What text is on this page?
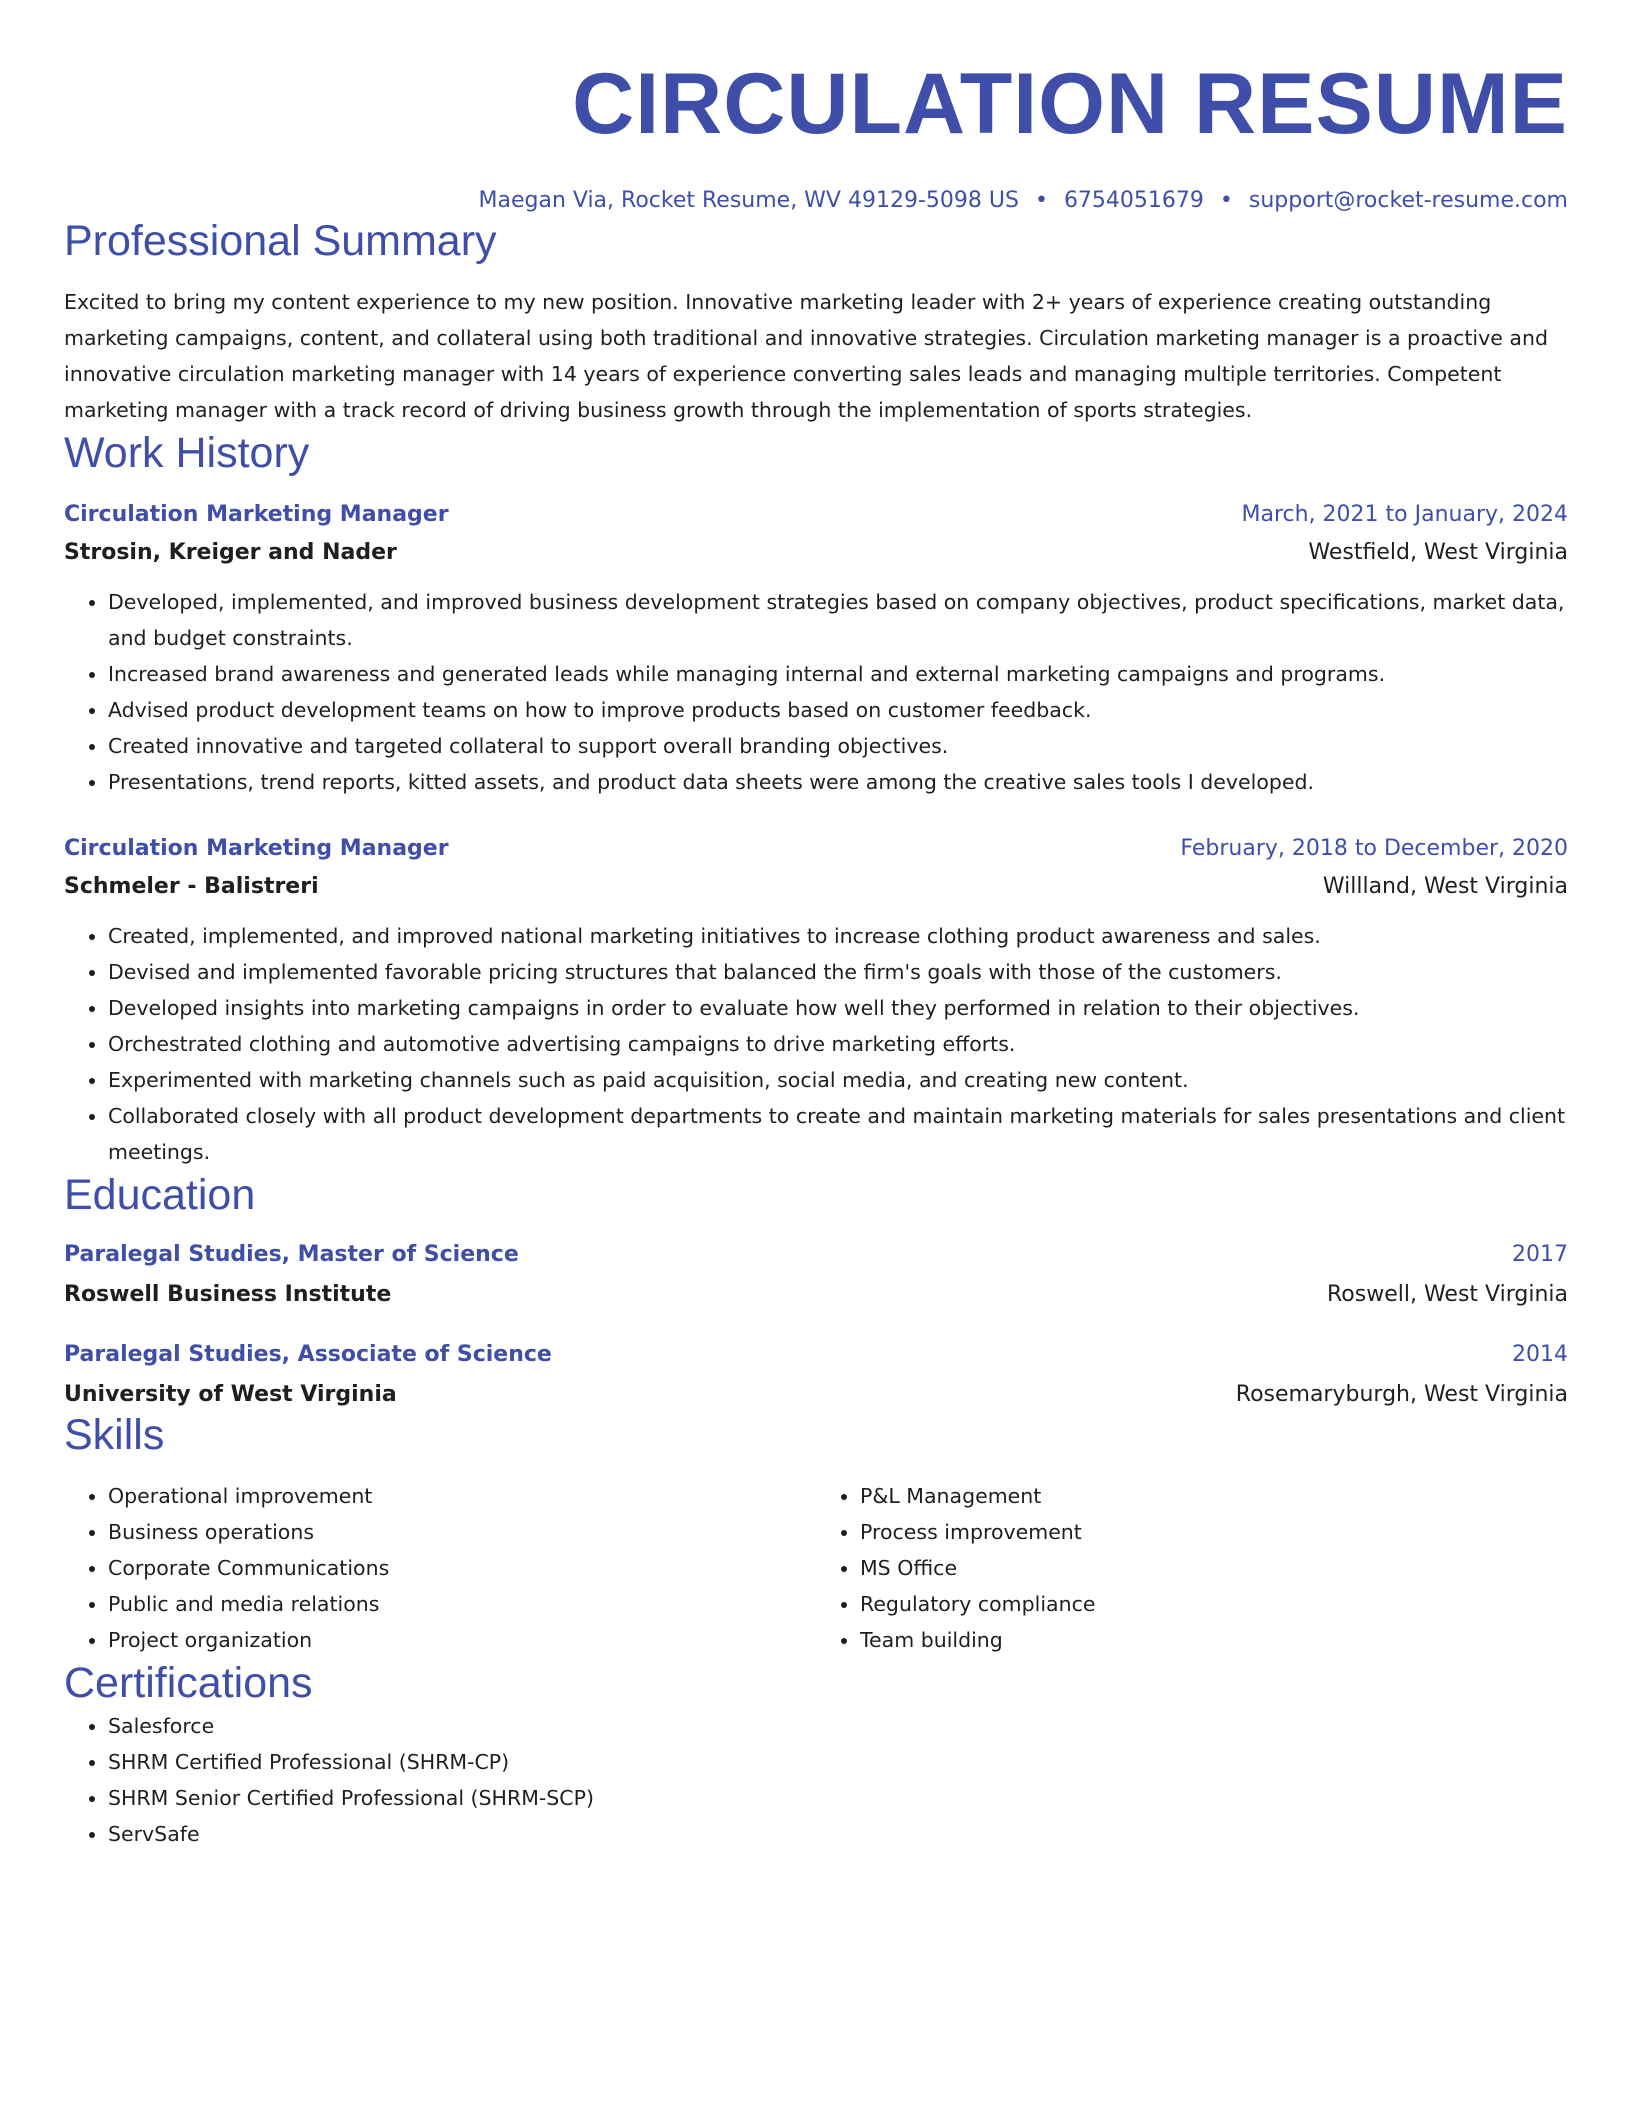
CIRCULATION RESUME
Maegan Via, Rocket Resume, WV 49129-5098 US • 6754051679 • support@rocket-resume.com
Professional Summary
Excited to bring my content experience to my new position. Innovative marketing leader with 2+ years of experience creating outstanding marketing campaigns, content, and collateral using both traditional and innovative strategies. Circulation marketing manager is a proactive and innovative circulation marketing manager with 14 years of experience converting sales leads and managing multiple territories. Competent marketing manager with a track record of driving business growth through the implementation of sports strategies.
Work History
Circulation Marketing Manager	March, 2021 to January, 2024
Strosin, Kreiger and Nader	Westfield, West Virginia
• Developed, implemented, and improved business development strategies based on company objectives, product specifications, market data, and budget constraints.
• Increased brand awareness and generated leads while managing internal and external marketing campaigns and programs.
• Advised product development teams on how to improve products based on customer feedback.
• Created innovative and targeted collateral to support overall branding objectives.
• Presentations, trend reports, kitted assets, and product data sheets were among the creative sales tools I developed.
Circulation Marketing Manager	February, 2018 to December, 2020
Schmeler - Balistreri	Willland, West Virginia
• Created, implemented, and improved national marketing initiatives to increase clothing product awareness and sales.
• Devised and implemented favorable pricing structures that balanced the firm's goals with those of the customers.
• Developed insights into marketing campaigns in order to evaluate how well they performed in relation to their objectives.
• Orchestrated clothing and automotive advertising campaigns to drive marketing efforts.
• Experimented with marketing channels such as paid acquisition, social media, and creating new content.
• Collaborated closely with all product development departments to create and maintain marketing materials for sales presentations and client meetings.
Education
Paralegal Studies, Master of Science	2017
Roswell Business Institute	Roswell, West Virginia
Paralegal Studies, Associate of Science	2014
University of West Virginia	Rosemaryburgh, West Virginia
Skills
• Operational improvement
• Business operations
• Corporate Communications
• Public and media relations
• Project organization
• P&L Management
• Process improvement
• MS Office
• Regulatory compliance
• Team building
Certifications
• Salesforce
• SHRM Certified Professional (SHRM-CP)
• SHRM Senior Certified Professional (SHRM-SCP)
• ServSafe
